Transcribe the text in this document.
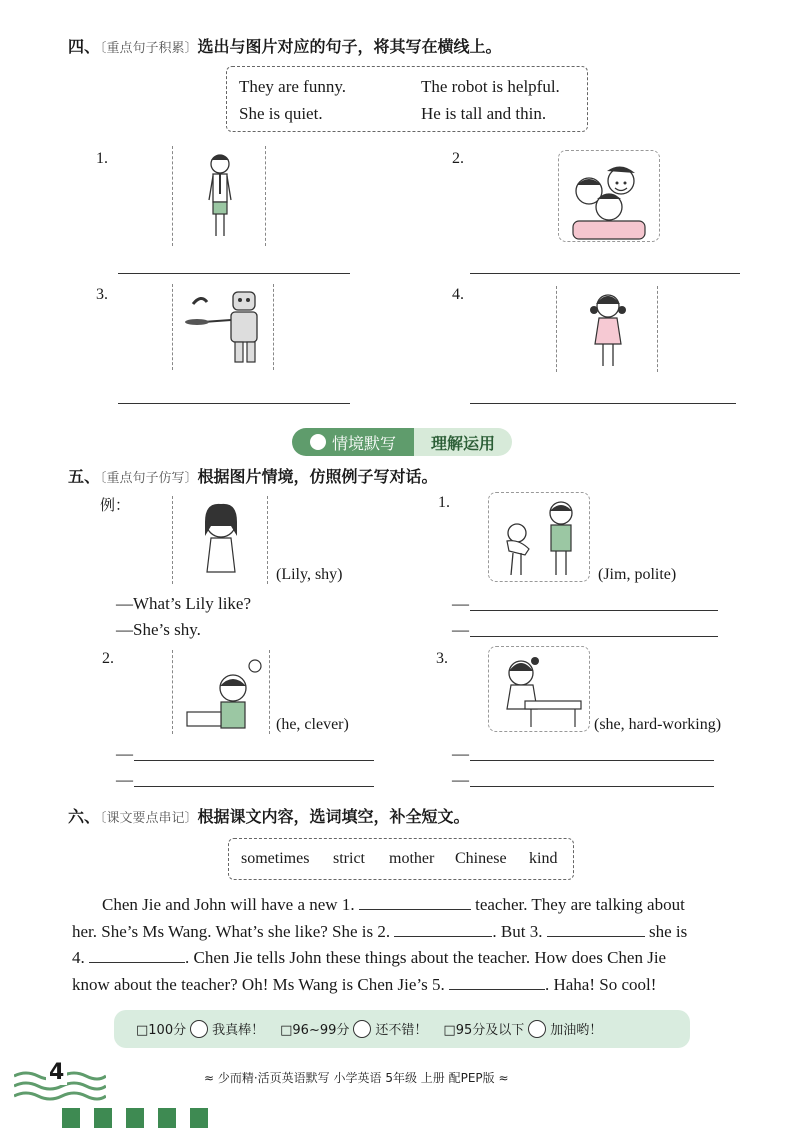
四、〔重点句子积累〕选出与图片对应的句子，将其写在横线上。
They are funny.	The robot is helpful.
She is quiet.	He is tall and thin.
1.	2.
3.	4.
情境默写 理解运用
五、〔重点句子仿写〕根据图片情境，仿照例子写对话。
例：
(Lily, shy)
—What’s Lily like?
—She’s shy.
1.
(Jim, polite)
—
—
2.
(he, clever)
—
—
3.
(she, hard-working)
—
—
六、〔课文要点串记〕根据课文内容，选词填空，补全短文。
sometimes strict mother Chinese kind
Chen Jie and John will have a new 1.	teacher. They are talking about
her. She’s Ms Wang. What’s she like? She is 2.	. But 3.	she is
4.	. Chen Jie tells John these things about the teacher. How does Chen Jie
know about the teacher? Oh! Ms Wang is Chen Jie’s 5.	. Haha! So cool!
□100分 我真棒！ □96~99分 还不错！ □95分及以下 加油哟！
4	≈ 少而精·活页英语默写 小学英语 5年级 上册 配PEP版 ≈
